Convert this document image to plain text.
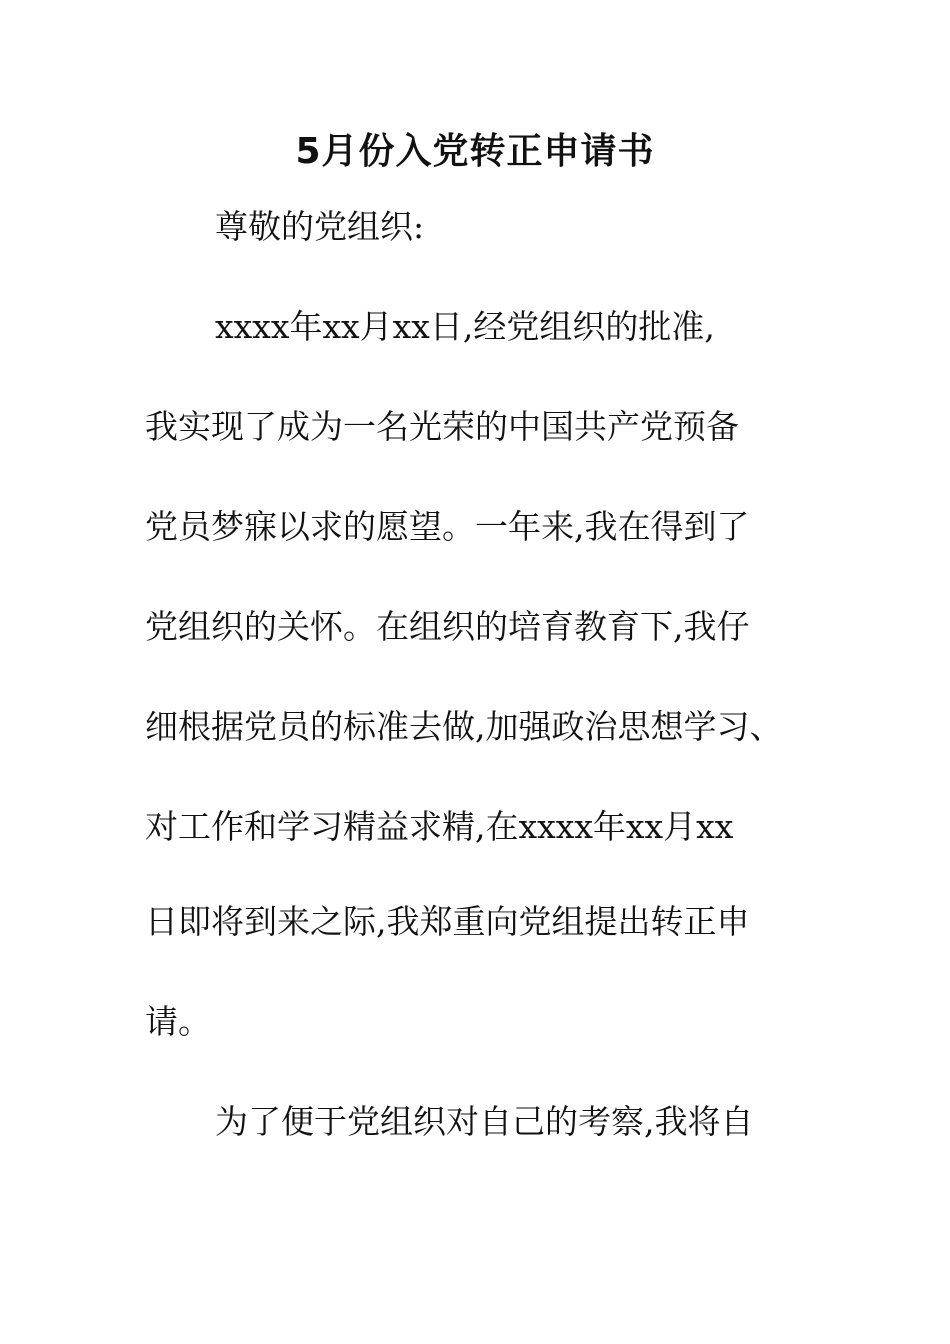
5月份入党转正申请书
尊敬的党组织:
xxxx年xx月xx日,经党组织的批准,
我实现了成为一名光荣的中国共产党预备
党员梦寐以求的愿望。一年来,我在得到了
党组织的关怀。在组织的培育教育下,我仔
细根据党员的标准去做,加强政治思想学习、
对工作和学习精益求精,在xxxx年xx月xx
日即将到来之际,我郑重向党组提出转正申
请。
为了便于党组织对自己的考察,我将自
